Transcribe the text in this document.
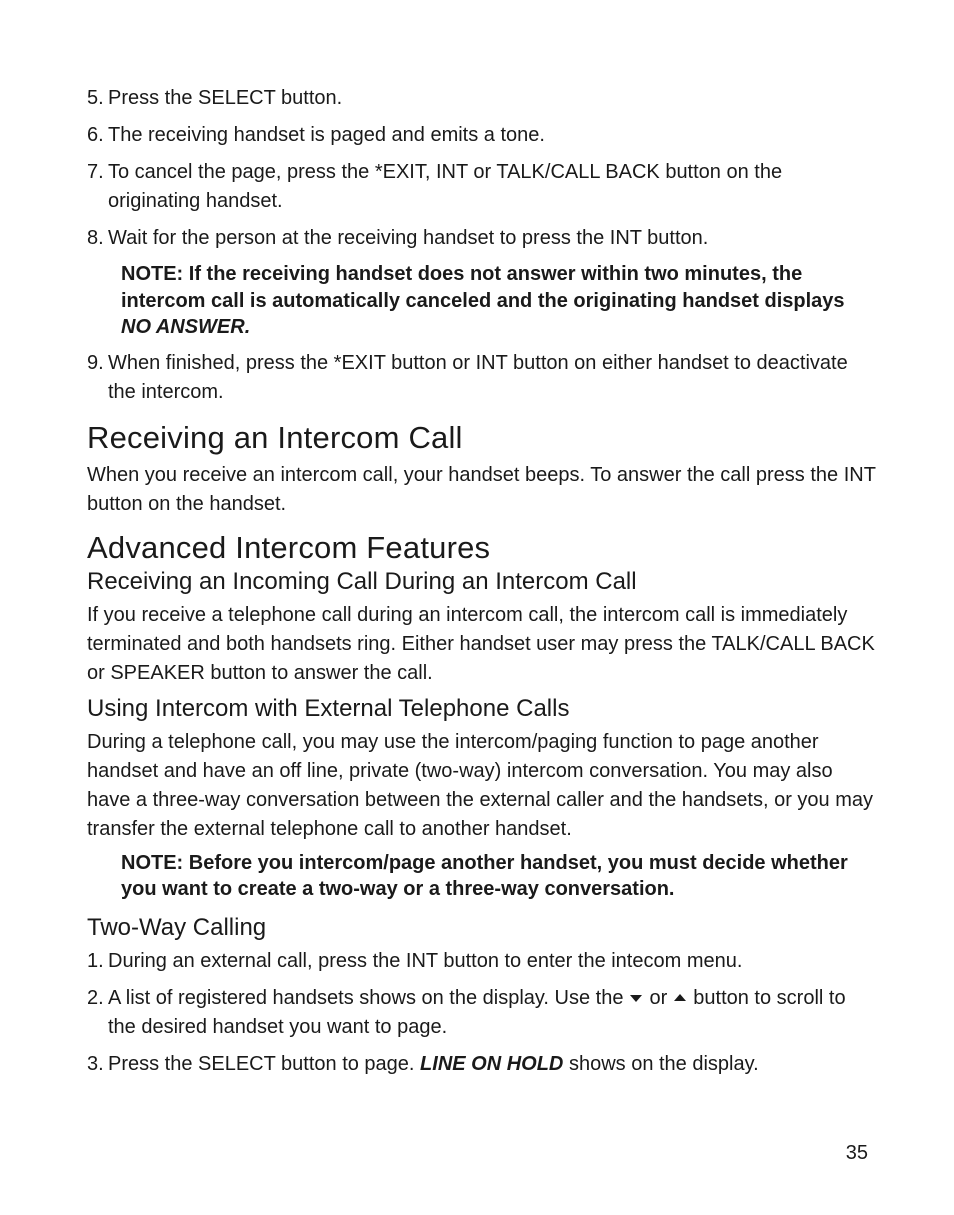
5. Press the SELECT button.
6. The receiving handset is paged and emits a tone.
7. To cancel the page, press the *EXIT, INT or TALK/CALL BACK button on the originating handset.
8. Wait for the person at the receiving handset to press the INT button.
NOTE: If the receiving handset does not answer within two minutes, the intercom call is automatically canceled and the originating handset displays NO ANSWER.
9. When finished, press the *EXIT button or INT button on either handset to deactivate the intercom.
Receiving an Intercom Call
When you receive an intercom call, your handset beeps. To answer the call press the INT button on the handset.
Advanced Intercom Features
Receiving an Incoming Call During an Intercom Call
If you receive a telephone call during an intercom call, the intercom call is immediately terminated and both handsets ring. Either handset user may press the TALK/CALL BACK or SPEAKER button to answer the call.
Using Intercom with External Telephone Calls
During a telephone call, you may use the intercom/paging function to page another handset and have an off line, private (two-way) intercom conversation. You may also have a three-way conversation between the external caller and the handsets, or you may transfer the external telephone call to another handset.
NOTE: Before you intercom/page another handset, you must decide whether you want to create a two-way or a three-way conversation.
Two-Way Calling
1. During an external call, press the INT button to enter the intecom menu.
2. A list of registered handsets shows on the display. Use the or button to scroll to the desired handset you want to page.
3. Press the SELECT button to page. LINE ON HOLD shows on the display.
35
